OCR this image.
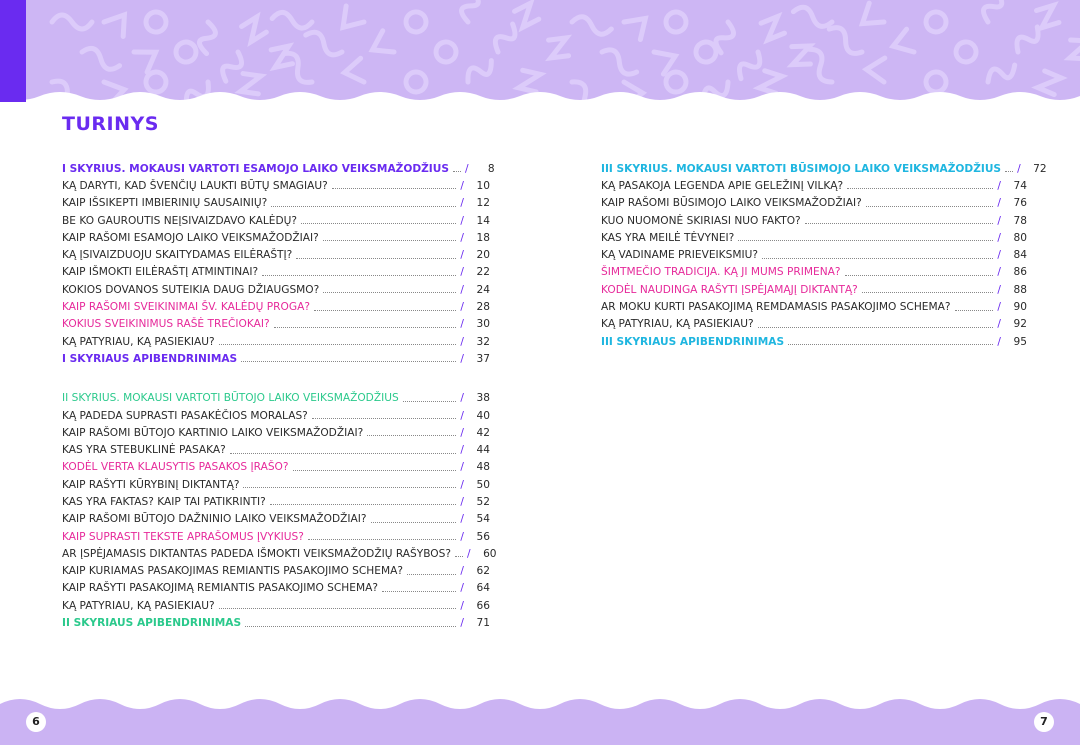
TURINYS
I SKYRIUS. MOKAUSI VARTOTI ESAMOJO LAIKO VEIKSMAŽODŽIUS /	8
KĄ DARYTI, KAD ŠVENČIŲ LAUKTI BŪTŲ SMAGIAU?	/	10
KAIP IŠSIKEPTI IMBIERINIŲ SAUSAINIŲ?	/	12
BE KO GAUROUTIS NEĮSIVAIZDAVO KALĖDŲ?	/	14
KAIP RAŠOMI ESAMOJO LAIKO VEIKSMAŽODŽIAI?	/	18
KĄ ĮSIVAIZDUOJU SKAITYDAMAS EILĖRAŠTĮ?	/	20
KAIP IŠMOKTI EILĖRAŠTĮ ATMINTINAI?	/	22
KOKIOS DOVANOS SUTEIKIA DAUG DŽIAUGSMO?	/	24
KAIP RAŠOMI SVEIKINIMAI ŠV. KALĖDŲ PROGA?	/	28
KOKIUS SVEIKINIMUS RAŠĖ TREČIOKAI?	/	30
KĄ PATYRIAU, KĄ PASIEKIAU?	/	32
I SKYRIAUS APIBENDRINIMAS	/	37
II SKYRIUS. MOKAUSI VARTOTI BŪTOJO LAIKO VEIKSMAŽODŽIUS	/	38
KĄ PADEDA SUPRASTI PASAKĖČIOS MORALAS?	/	40
KAIP RAŠOMI BŪTOJO KARTINIO LAIKO VEIKSMAŽODŽIAI?	/	42
KAS YRA STEBUKLINĖ PASAKA?	/	44
KODĖL VERTA KLAUSYTIS PASAKOS ĮRAŠO?	/	48
KAIP RAŠYTI KŪRYBINĮ DIKTANTĄ?	/	50
KAS YRA FAKTAS? KAIP TAI PATIKRINTI?	/	52
KAIP RAŠOMI BŪTOJO DAŽNINIO LAIKO VEIKSMAŽODŽIAI?	/	54
KAIP SUPRASTI TEKSTE APRAŠOMUS ĮVYKIUS?	/	56
AR ĮSPĖJAMASIS DIKTANTAS PADEDA IŠMOKTI VEIKSMAŽODŽIŲ RAŠYBOS? /	60
KAIP KURIAMAS PASAKOJIMAS REMIANTIS PASAKOJIMO SCHEMA?	/	62
KAIP RAŠYTI PASAKOJIMĄ REMIANTIS PASAKOJIMO SCHEMA?	/	64
KĄ PATYRIAU, KĄ PASIEKIAU?	/	66
II SKYRIAUS APIBENDRINIMAS	/	71
III SKYRIUS. MOKAUSI VARTOTI BŪSIMOJO LAIKO VEIKSMAŽODŽIUS /	72
KĄ PASAKOJA LEGENDA APIE GELEŽINĮ VILKĄ?	/	74
KAIP RAŠOMI BŪSIMOJO LAIKO VEIKSMAŽODŽIAI?	/	76
KUO NUOMONĖ SKIRIASI NUO FAKTO?	/	78
KAS YRA MEILĖ TĖVYNEI?	/	80
KĄ VADINAME PRIEVEIKSMIU?	/	84
ŠIMTMEČIO TRADICIJA. KĄ JI MUMS PRIMENA?	/	86
KODĖL NAUDINGA RAŠYTI ĮSPĖJAMĄJĮ DIKTANTĄ?	/	88
AR MOKU KURTI PASAKOJIMĄ REMDAMASIS PASAKOJIMO SCHEMA?	/	90
KĄ PATYRIAU, KĄ PASIEKIAU?	/	92
III SKYRIAUS APIBENDRINIMAS	/	95
6	7
